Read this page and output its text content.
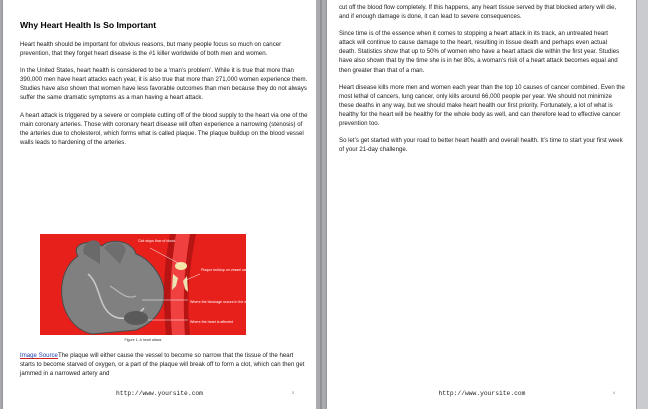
Why Heart Health Is So Important

Heart health should be important for obvious reasons, but many people focus so much on cancer prevention, that they forget heart disease is the #1 killer worldwide of both men and women.

In the United States, heart health is considered to be a ‘man’s problem’. While it is true that more than 390,000 men have heart attacks each year, it is also true that more than 271,000 women experience them. Studies have also shown that women have less favorable outcomes than men because they do not always suffer the same dramatic symptoms as a man having a heart attack.

A heart attack is triggered by a severe or complete cutting off of the blood supply to the heart via one of the main coronary arteries. Those with coronary heart disease will often experience a narrowing (stenosis) of the arteries due to cholesterol, which forms what is called plaque. The plaque buildup on the blood vessel walls leads to hardening of the arteries.

Clot stops flow of blood
Plaque buildup on vessel walls
Where the blockage occurs in the artery
Where the heart is affected
Figure 1. A heart attack

Image SourceThe plaque will either cause the vessel to become so narrow that the tissue of the heart starts to become starved of oxygen, or a part of the plaque will break off to form a clot, which can then get jammed in a narrowed artery and

http://www.yoursite.com	3

cut off the blood flow completely. If this happens, any heart tissue served by that blocked artery will die, and if enough damage is done, it can lead to severe consequences.

Since time is of the essence when it comes to stopping a heart attack in its track, an untreated heart attack will continue to cause damage to the heart, resulting in tissue death and perhaps even actual death. Statistics show that up to 50% of women who have a heart attack die within the first year. Studies have also shown that by the time she is in her 80s, a woman’s risk of a heart attack becomes equal and then greater than that of a man.

Heart disease kills more men and women each year than the top 10 causes of cancer combined. Even the most lethal of cancers, lung cancer, only kills around 66,000 people per year. We should not minimize these deaths in any way, but we should make heart health our first priority. Fortunately, a lot of what is healthy for the heart will be healthy for the whole body as well, and can therefore lead to effective cancer prevention too.

So let’s get started with your road to better heart health and overall health. It’s time to start your first week of your 21-day challenge.

http://www.yoursite.com	4
